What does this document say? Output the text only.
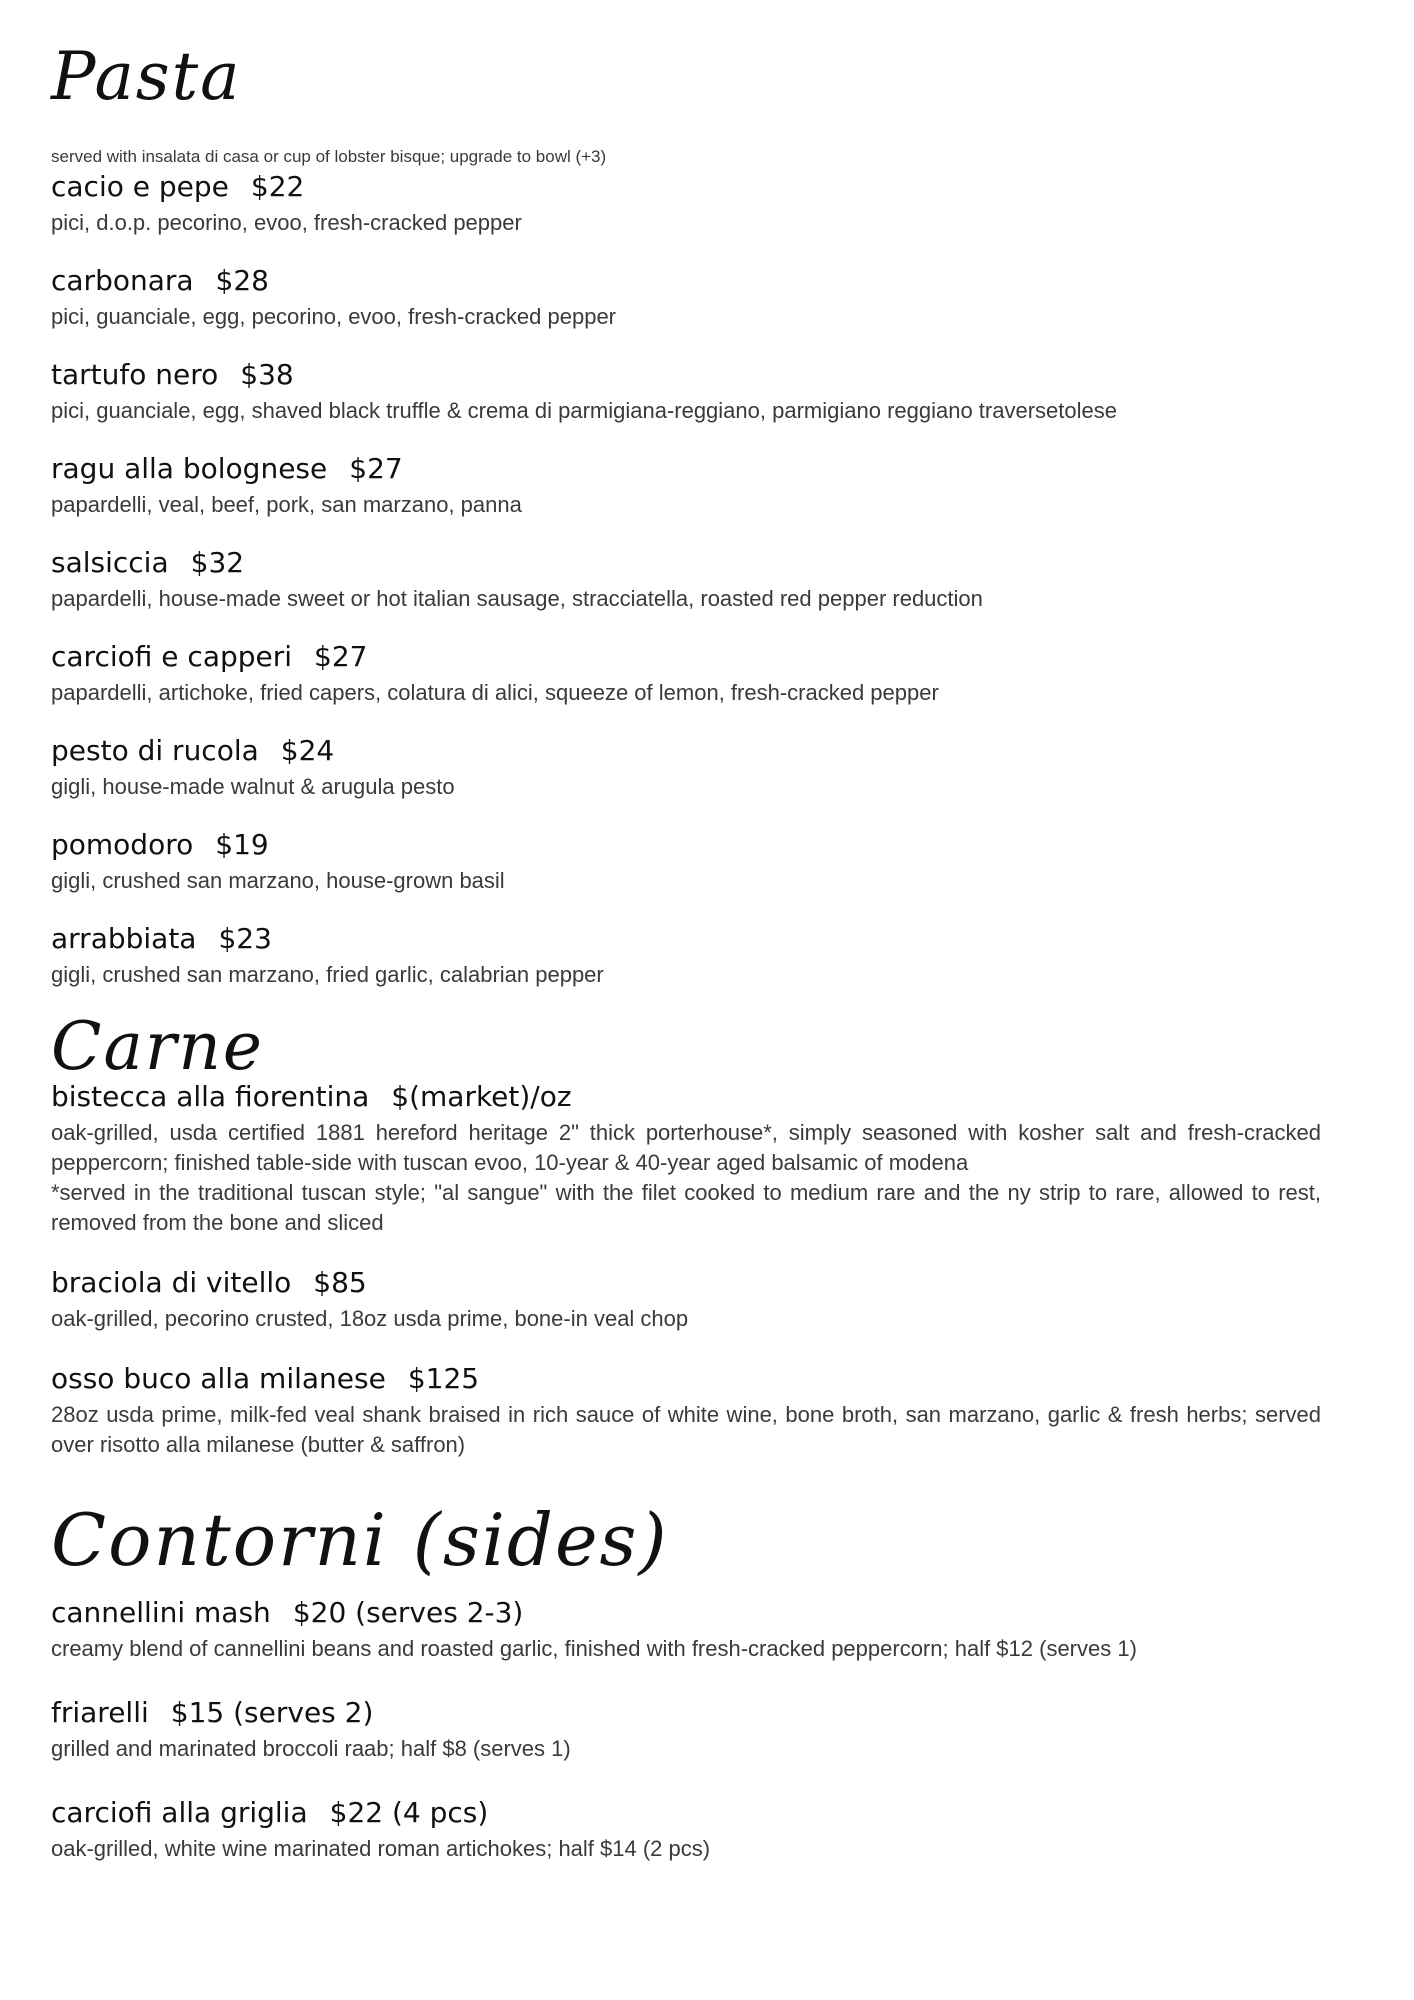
Pasta
served with insalata di casa or cup of lobster bisque; upgrade to bowl (+3)
cacio e pepe $22
pici, d.o.p. pecorino, evoo, fresh-cracked pepper
carbonara $28
pici, guanciale, egg, pecorino, evoo, fresh-cracked pepper
tartufo nero $38
pici, guanciale, egg, shaved black truffle & crema di parmigiana-reggiano, parmigiano reggiano traversetolese
ragu alla bolognese $27
papardelli, veal, beef, pork, san marzano, panna
salsiccia $32
papardelli, house-made sweet or hot italian sausage, stracciatella, roasted red pepper reduction
carciofi e capperi $27
papardelli, artichoke, fried capers, colatura di alici, squeeze of lemon, fresh-cracked pepper
pesto di rucola $24
gigli, house-made walnut & arugula pesto
pomodoro $19
gigli, crushed san marzano, house-grown basil
arrabbiata $23
gigli, crushed san marzano, fried garlic, calabrian pepper
Carne
bistecca alla fiorentina $(market)/oz

oak-grilled, usda certified 1881 hereford heritage 2" thick porterhouse*, simply seasoned with kosher salt and fresh-cracked peppercorn; finished table-side with tuscan evoo, 10-year & 40-year aged balsamic of modena

*served in the traditional tuscan style; "al sangue" with the filet cooked to medium rare and the ny strip to rare, allowed to rest, removed from the bone and sliced

braciola di vitello $85
oak-grilled, pecorino crusted, 18oz usda prime, bone-in veal chop
osso buco alla milanese $125
28oz usda prime, milk-fed veal shank braised in rich sauce of white wine, bone broth, san marzano, garlic & fresh herbs; served over risotto alla milanese (butter & saffron)
Contorni (sides)
cannellini mash $20 (serves 2-3)
creamy blend of cannellini beans and roasted garlic, finished with fresh-cracked peppercorn; half $12 (serves 1)
friarelli $15 (serves 2)
grilled and marinated broccoli raab; half $8 (serves 1)
carciofi alla griglia $22 (4 pcs)
oak-grilled, white wine marinated roman artichokes; half $14 (2 pcs)
